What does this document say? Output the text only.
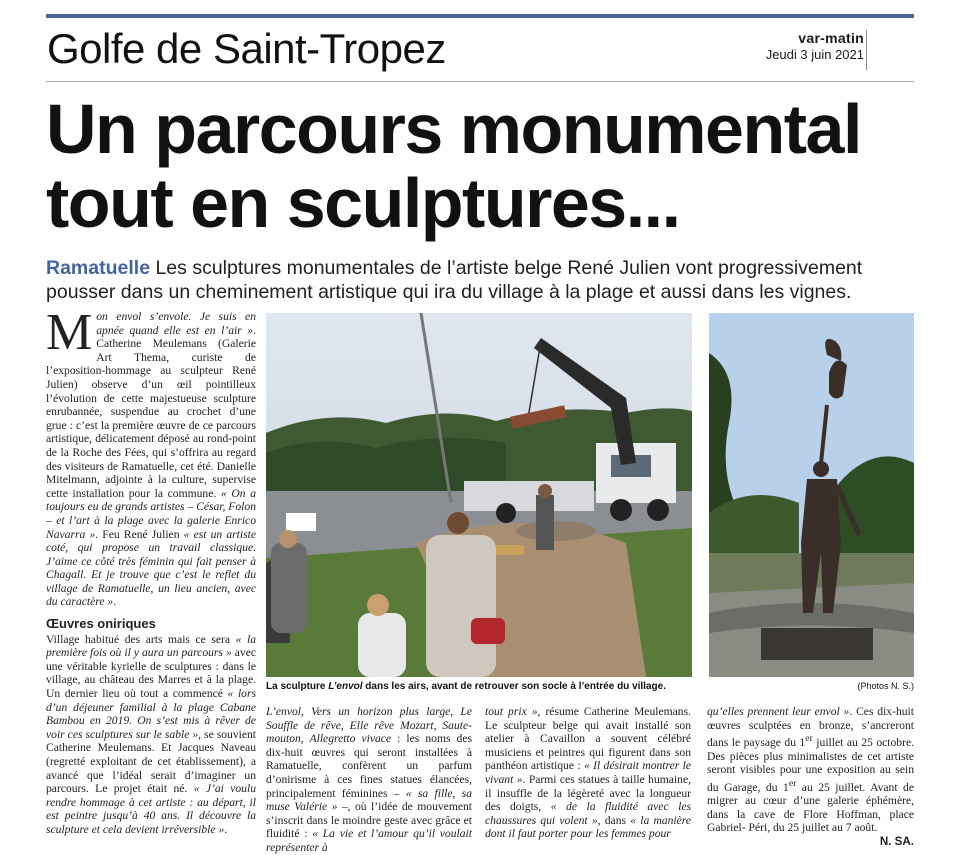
Golfe de Saint-Tropez	var-matin
Jeudi 3 juin 2021
Un parcours monumental
tout en sculptures...
Ramatuelle Les sculptures monumentales de l’artiste belge René Julien vont progressivement pousser dans un cheminement artistique qui ira du village à la plage et aussi dans les vignes.

Mon envol s’envole. Je suis en apnée quand elle est en l’air ». Catherine Meulemans (Galerie Art Thema, curiste de l’exposition-hommage au sculpteur René Julien) observe d’un œil pointilleux l’évolution de cette majestueuse sculpture enrubannée, suspendue au crochet d’une grue : c’est la première œuvre de ce parcours artistique, délicatement déposé au rond-point de la Roche des Fées, qui s’offrira au regard des visiteurs de Ramatuelle, cet été. Danielle Mitelmann, adjointe à la culture, supervise cette installation pour la commune. « On a toujours eu de grands artistes – César, Folon – et l’art à la plage avec la galerie Enrico Navarra ». Feu René Julien « est un artiste coté, qui propose un travail classique. J’aime ce côté très féminin qui fait penser à Chagall. Et je trouve que c’est le reflet du village de Ramatuelle, un lieu ancien, avec du caractère ».

Œuvres oniriques

Village habitué des arts mais ce sera « la première fois où il y aura un parcours » avec une véritable kyrielle de sculptures : dans le village, au château des Marres et à la plage. Un dernier lieu où tout a commencé « lors d’un déjeuner familial à la plage Cabane Bambou en 2019. On s’est mis à rêver de voir ces sculptures sur le sable », se souvient Catherine Meulemans. Et Jacques Naveau (regretté exploitant de cet établissement), a avancé que l’idéal serait d’imaginer un parcours. Le projet était né. « J’ai voulu rendre hommage à cet artiste : au départ, il est peintre jusqu’à 40 ans. Il découvre la sculpture et cela devient irréversible ».

La sculpture L’envol dans les airs, avant de retrouver son socle à l’entrée du village.	(Photos N. S.)

L’envol, Vers un horizon plus large, Le Souffle de rêve, Elle rêve Mozart, Saute-mouton, Allegretto vivace : les noms des dix-huit œuvres qui seront installées à Ramatuelle, confèrent un parfum d’onirisme à ces fines statues élancées, principalement féminines – « sa fille, sa muse Valérie » –, où l’idée de mouvement s’inscrit dans le moindre geste avec grâce et fluidité : « La vie et l’amour qu’il voulait représenter à

tout prix », résume Catherine Meulemans. Le sculpteur belge qui avait installé son atelier à Cavaillon a souvent célébré musiciens et peintres qui figurent dans son panthéon artistique : « Il désirait montrer le vivant ». Parmi ces statues à taille humaine, il insuffle de la légèreté avec la longueur des doigts, « de la fluidité avec les chaussures qui volent », dans « la manière dont il faut porter pour les femmes pour

qu’elles prennent leur envol ». Ces dix-huit œuvres sculptées en bronze, s’ancreront dans le paysage du 1er juillet au 25 octobre. Des pièces plus minimalistes de cet artiste seront visibles pour une exposition au sein du Garage, du 1er au 25 juillet. Avant de migrer au cœur d’une galerie éphémère, dans la cave de Flore Hoffman, place Gabriel- Péri, du 25 juillet au 7 août.

N. SA.
